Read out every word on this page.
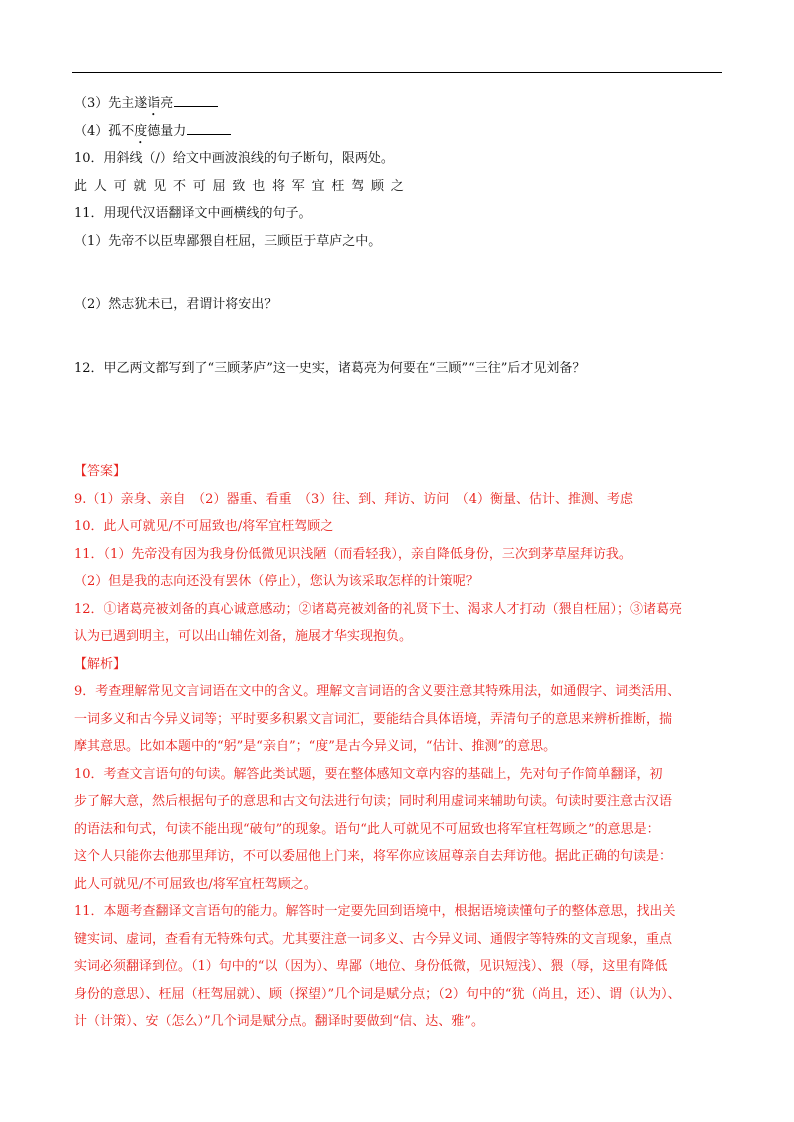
（3）先主遂诣亮
（4）孤不度德量力
10．用斜线（/）给文中画波浪线的句子断句，限两处。
此人可就见不可屈致也将军宜枉驾顾之
11．用现代汉语翻译文中画横线的句子。
（1）先帝不以臣卑鄙猥自枉屈，三顾臣于草庐之中。
（2）然志犹未已，君谓计将安出？
12．甲乙两文都写到了“三顾茅庐”这一史实，诸葛亮为何要在“三顾”“三往”后才见刘备？
【答案】
9.（1）亲身、亲自　（2）器重、看重　（3）往、到、拜访、访问　（4）衡量、估计、推测、考虑
10．此人可就见/不可屈致也/将军宜枉驾顾之
11．（1）先帝没有因为我身份低微见识浅陋（而看轻我），亲自降低身份，三次到茅草屋拜访我。
（2）但是我的志向还没有罢休（停止），您认为该采取怎样的计策呢？
12．①诸葛亮被刘备的真心诚意感动；②诸葛亮被刘备的礼贤下士、渴求人才打动（猥自枉屈）；③诸葛亮
认为已遇到明主，可以出山辅佐刘备，施展才华实现抱负。
【解析】
9．考查理解常见文言词语在文中的含义。理解文言词语的含义要注意其特殊用法，如通假字、词类活用、
一词多义和古今异义词等；平时要多积累文言词汇，要能结合具体语境，弄清句子的意思来辨析推断，揣
摩其意思。比如本题中的“躬”是“亲自”；“度”是古今异义词，“估计、推测”的意思。
10．考查文言语句的句读。解答此类试题，要在整体感知文章内容的基础上，先对句子作简单翻译，初
步了解大意，然后根据句子的意思和古文句法进行句读；同时利用虚词来辅助句读。句读时要注意古汉语
的语法和句式，句读不能出现“破句”的现象。语句“此人可就见不可屈致也将军宜枉驾顾之”的意思是：
这个人只能你去他那里拜访，不可以委屈他上门来，将军你应该屈尊亲自去拜访他。据此正确的句读是：
此人可就见/不可屈致也/将军宜枉驾顾之。
11．本题考查翻译文言语句的能力。解答时一定要先回到语境中，根据语境读懂句子的整体意思，找出关
键实词、虚词，查看有无特殊句式。尤其要注意一词多义、古今异义词、通假字等特殊的文言现象，重点
实词必须翻译到位。（1）句中的“以（因为）、卑鄙（地位、身份低微，见识短浅）、猥（辱，这里有降低
身份的意思）、枉屈（枉驾屈就）、顾（探望）”几个词是赋分点；（2）句中的“犹（尚且，还）、谓（认为）、
计（计策）、安（怎么）”几个词是赋分点。翻译时要做到“信、达、雅”。
